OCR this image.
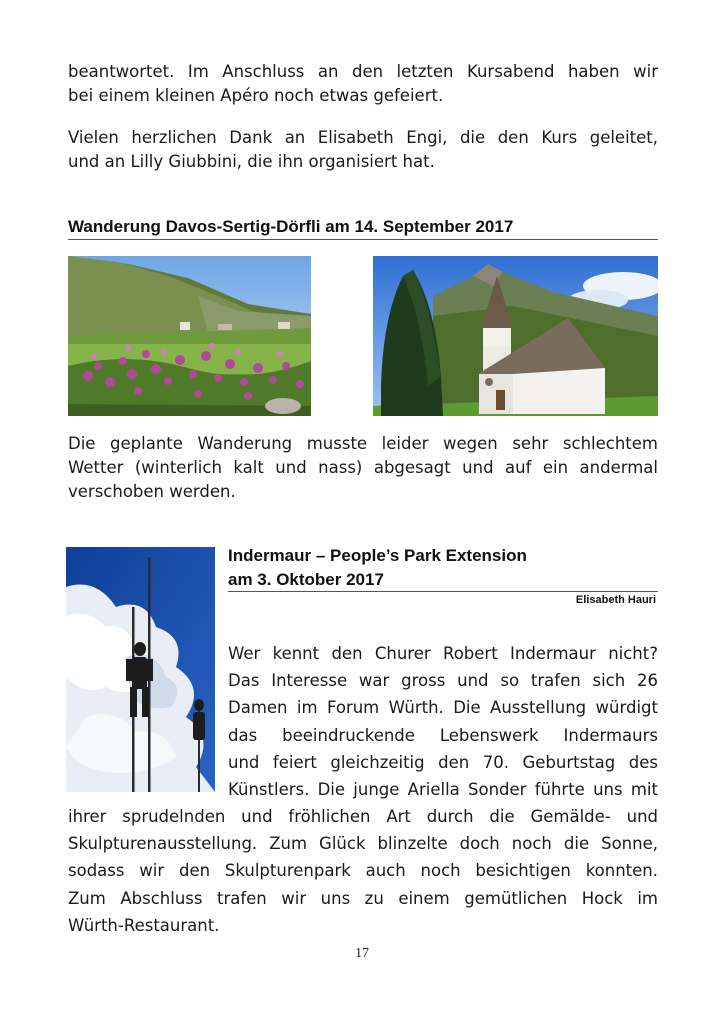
beantwortet. Im Anschluss an den letzten Kursabend haben wir
bei einem kleinen Apéro noch etwas gefeiert.

Vielen herzlichen Dank an Elisabeth Engi, die den Kurs geleitet,
und an Lilly Giubbini, die ihn organisiert hat.

Wanderung Davos-Sertig-Dörfli am 14. September 2017

Die geplante Wanderung musste leider wegen sehr schlechtem
Wetter (winterlich kalt und nass) abgesagt und auf ein andermal
verschoben werden.

Indermaur – People’s Park Extension
am 3. Oktober 2017
Elisabeth Hauri

Wer kennt den Churer Robert Indermaur nicht?
Das Interesse war gross und so trafen sich 26
Damen im Forum Würth. Die Ausstellung würdigt
das beeindruckende Lebenswerk Indermaurs
und feiert gleichzeitig den 70. Geburtstag des
Künstlers. Die junge Ariella Sonder führte uns mit

ihrer sprudelnden und fröhlichen Art durch die Gemälde- und
Skulpturenausstellung. Zum Glück blinzelte doch noch die Sonne,
sodass wir den Skulpturenpark auch noch besichtigen konnten.
Zum Abschluss trafen wir uns zu einem gemütlichen Hock im
Würth-Restaurant.

17
